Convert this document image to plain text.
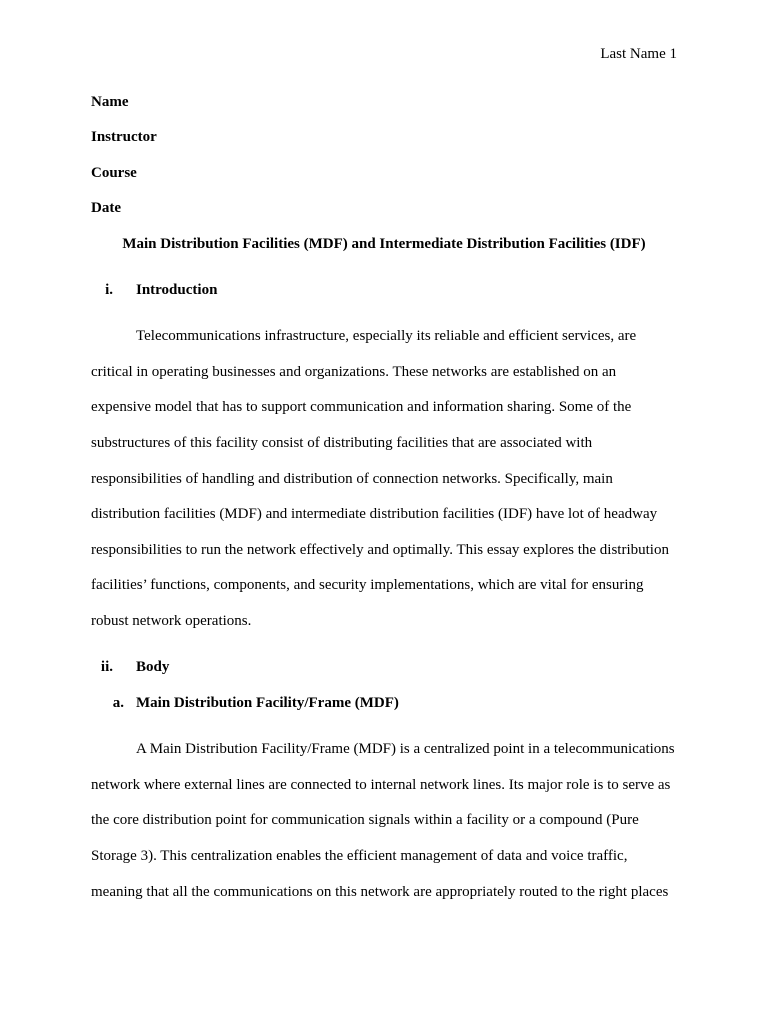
Last Name 1
Name
Instructor
Course
Date
Main Distribution Facilities (MDF) and Intermediate Distribution Facilities (IDF)
i. Introduction
Telecommunications infrastructure, especially its reliable and efficient services, are
critical in operating businesses and organizations. These networks are established on an
expensive model that has to support communication and information sharing. Some of the
substructures of this facility consist of distributing facilities that are associated with
responsibilities of handling and distribution of connection networks. Specifically, main
distribution facilities (MDF) and intermediate distribution facilities (IDF) have lot of headway
responsibilities to run the network effectively and optimally. This essay explores the distribution
facilities’ functions, components, and security implementations, which are vital for ensuring
robust network operations.
ii. Body
a. Main Distribution Facility/Frame (MDF)
A Main Distribution Facility/Frame (MDF) is a centralized point in a telecommunications
network where external lines are connected to internal network lines. Its major role is to serve as
the core distribution point for communication signals within a facility or a compound (Pure
Storage 3). This centralization enables the efficient management of data and voice traffic,
meaning that all the communications on this network are appropriately routed to the right places
